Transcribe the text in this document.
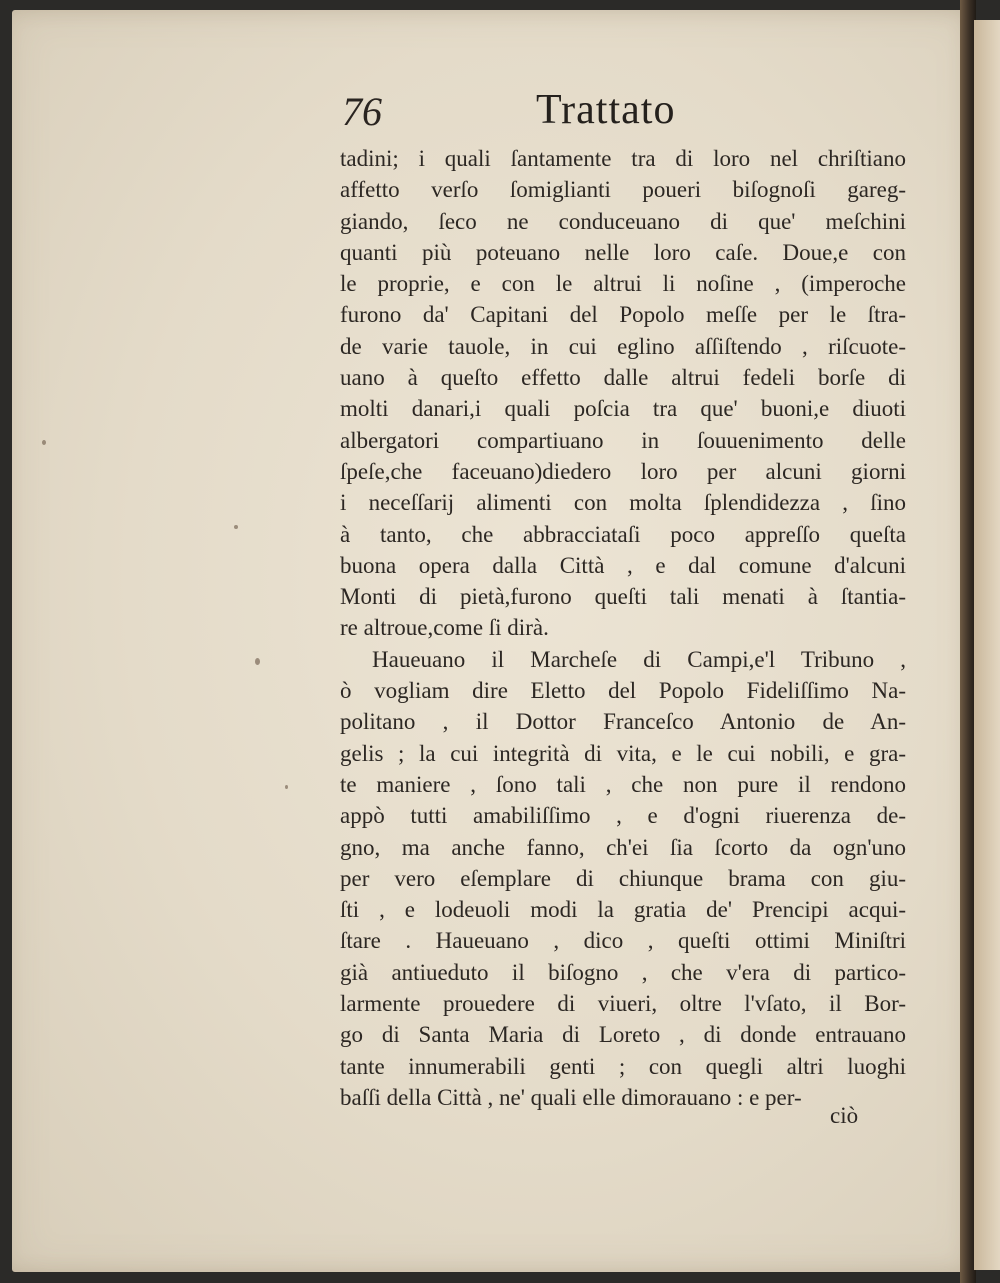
76	Trattato
tadini; i quali ſantamente tra di loro nel chriſtiano
affetto verſo ſomiglianti poueri biſognoſi gareg-
giando, ſeco ne conduceuano di que' meſchini
quanti più poteuano nelle loro caſe. Doue,e con
le proprie, e con le altrui li noſine , (imperoche
furono da' Capitani del Popolo meſſe per le ſtra-
de varie tauole, in cui eglino aſſiſtendo , riſcuote-
uano à queſto effetto dalle altrui fedeli borſe di
molti danari,i quali poſcia tra que' buoni,e diuoti
albergatori compartiuano in ſouuenimento delle
ſpeſe,che faceuano)diedero loro per alcuni giorni
i neceſſarij alimenti con molta ſplendidezza , ſino
à tanto, che abbracciataſi poco appreſſo queſta
buona opera dalla Città , e dal comune d'alcuni
Monti di pietà,furono queſti tali menati à ſtantia-
re altroue,come ſi dirà.
Haueuano il Marcheſe di Campi,e'l Tribuno ,
ò vogliam dire Eletto del Popolo Fideliſſimo Na-
politano , il Dottor Franceſco Antonio de An-
gelis ; la cui integrità di vita, e le cui nobili, e gra-
te maniere , ſono tali , che non pure il rendono
appò tutti amabiliſſimo , e d'ogni riuerenza de-
gno, ma anche fanno, ch'ei ſia ſcorto da ogn'uno
per vero eſemplare di chiunque brama con giu-
ſti , e lodeuoli modi la gratia de' Prencipi acqui-
ſtare . Haueuano , dico , queſti ottimi Miniſtri
già antiueduto il biſogno , che v'era di partico-
larmente prouedere di viueri, oltre l'vſato, il Bor-
go di Santa Maria di Loreto , di donde entrauano
tante innumerabili genti ; con quegli altri luoghi
baſſi della Città , ne' quali elle dimorauano : e per-
ciò
